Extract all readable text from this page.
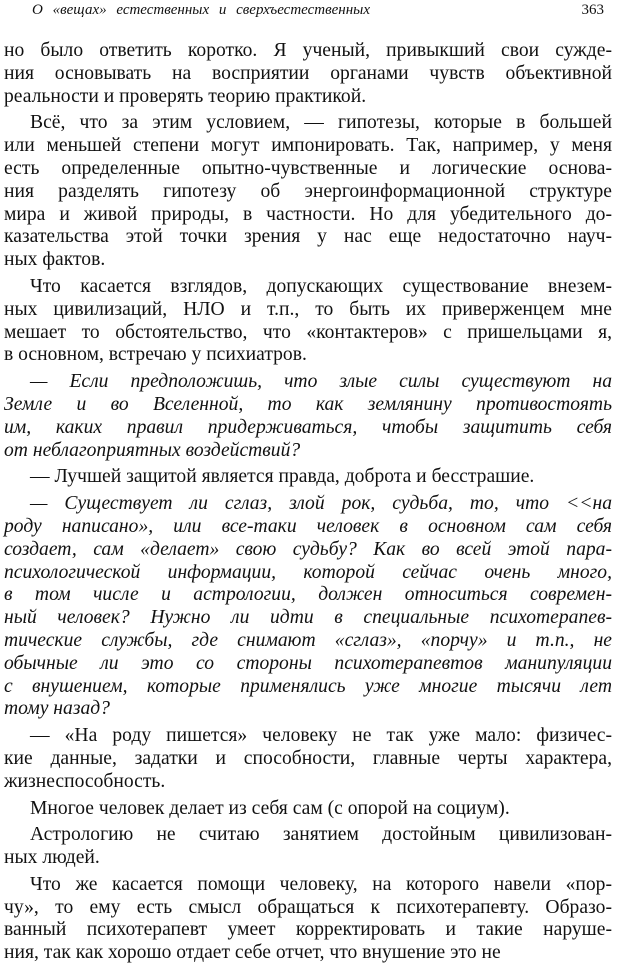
О «вещах» естественных и сверхъестественных	363
но было ответить коротко. Я ученый, привыкший свои сужде-
ния основывать на восприятии органами чувств объективной
реальности и проверять теорию практикой.
Всё, что за этим условием, — гипотезы, которые в большей
или меньшей степени могут импонировать. Так, например, у меня
есть определенные опытно-чувственные и логические основа-
ния разделять гипотезу об энергоинформационной структуре
мира и живой природы, в частности. Но для убедительного до-
казательства этой точки зрения у нас еще недостаточно науч-
ных фактов.
Что касается взглядов, допускающих существование внезем-
ных цивилизаций, НЛО и т.п., то быть их приверженцем мне
мешает то обстоятельство, что «контактеров» с пришельцами я,
в основном, встречаю у психиатров.
— Если предположишь, что злые силы существуют на
Земле и во Вселенной, то как землянину противостоять
им, каких правил придерживаться, чтобы защитить себя
от неблагоприятных воздействий?
— Лучшей защитой является правда, доброта и бесстрашие.
— Существует ли сглаз, злой рок, судьба, то, что <<на
роду написано», или все-таки человек в основном сам себя
создает, сам «делает» свою судьбу? Как во всей этой пара-
психологической информации, которой сейчас очень много,
в том числе и астрологии, должен относиться современ-
ный человек? Нужно ли идти в специальные психотерапев-
тические службы, где снимают «сглаз», «порчу» и т.п., не
обычные ли это со стороны психотерапевтов манипуляции
с внушением, которые применялись уже многие тысячи лет
тому назад?
— «На роду пишется» человеку не так уже мало: физичес-
кие данные, задатки и способности, главные черты характера,
жизнеспособность.
Многое человек делает из себя сам (с опорой на социум).
Астрологию не считаю занятием достойным цивилизован-
ных людей.
Что же касается помощи человеку, на которого навели «пор-
чу», то ему есть смысл обращаться к психотерапевту. Образо-
ванный психотерапевт умеет корректировать и такие наруше-
ния, так как хорошо отдает себе отчет, что внушение это не
